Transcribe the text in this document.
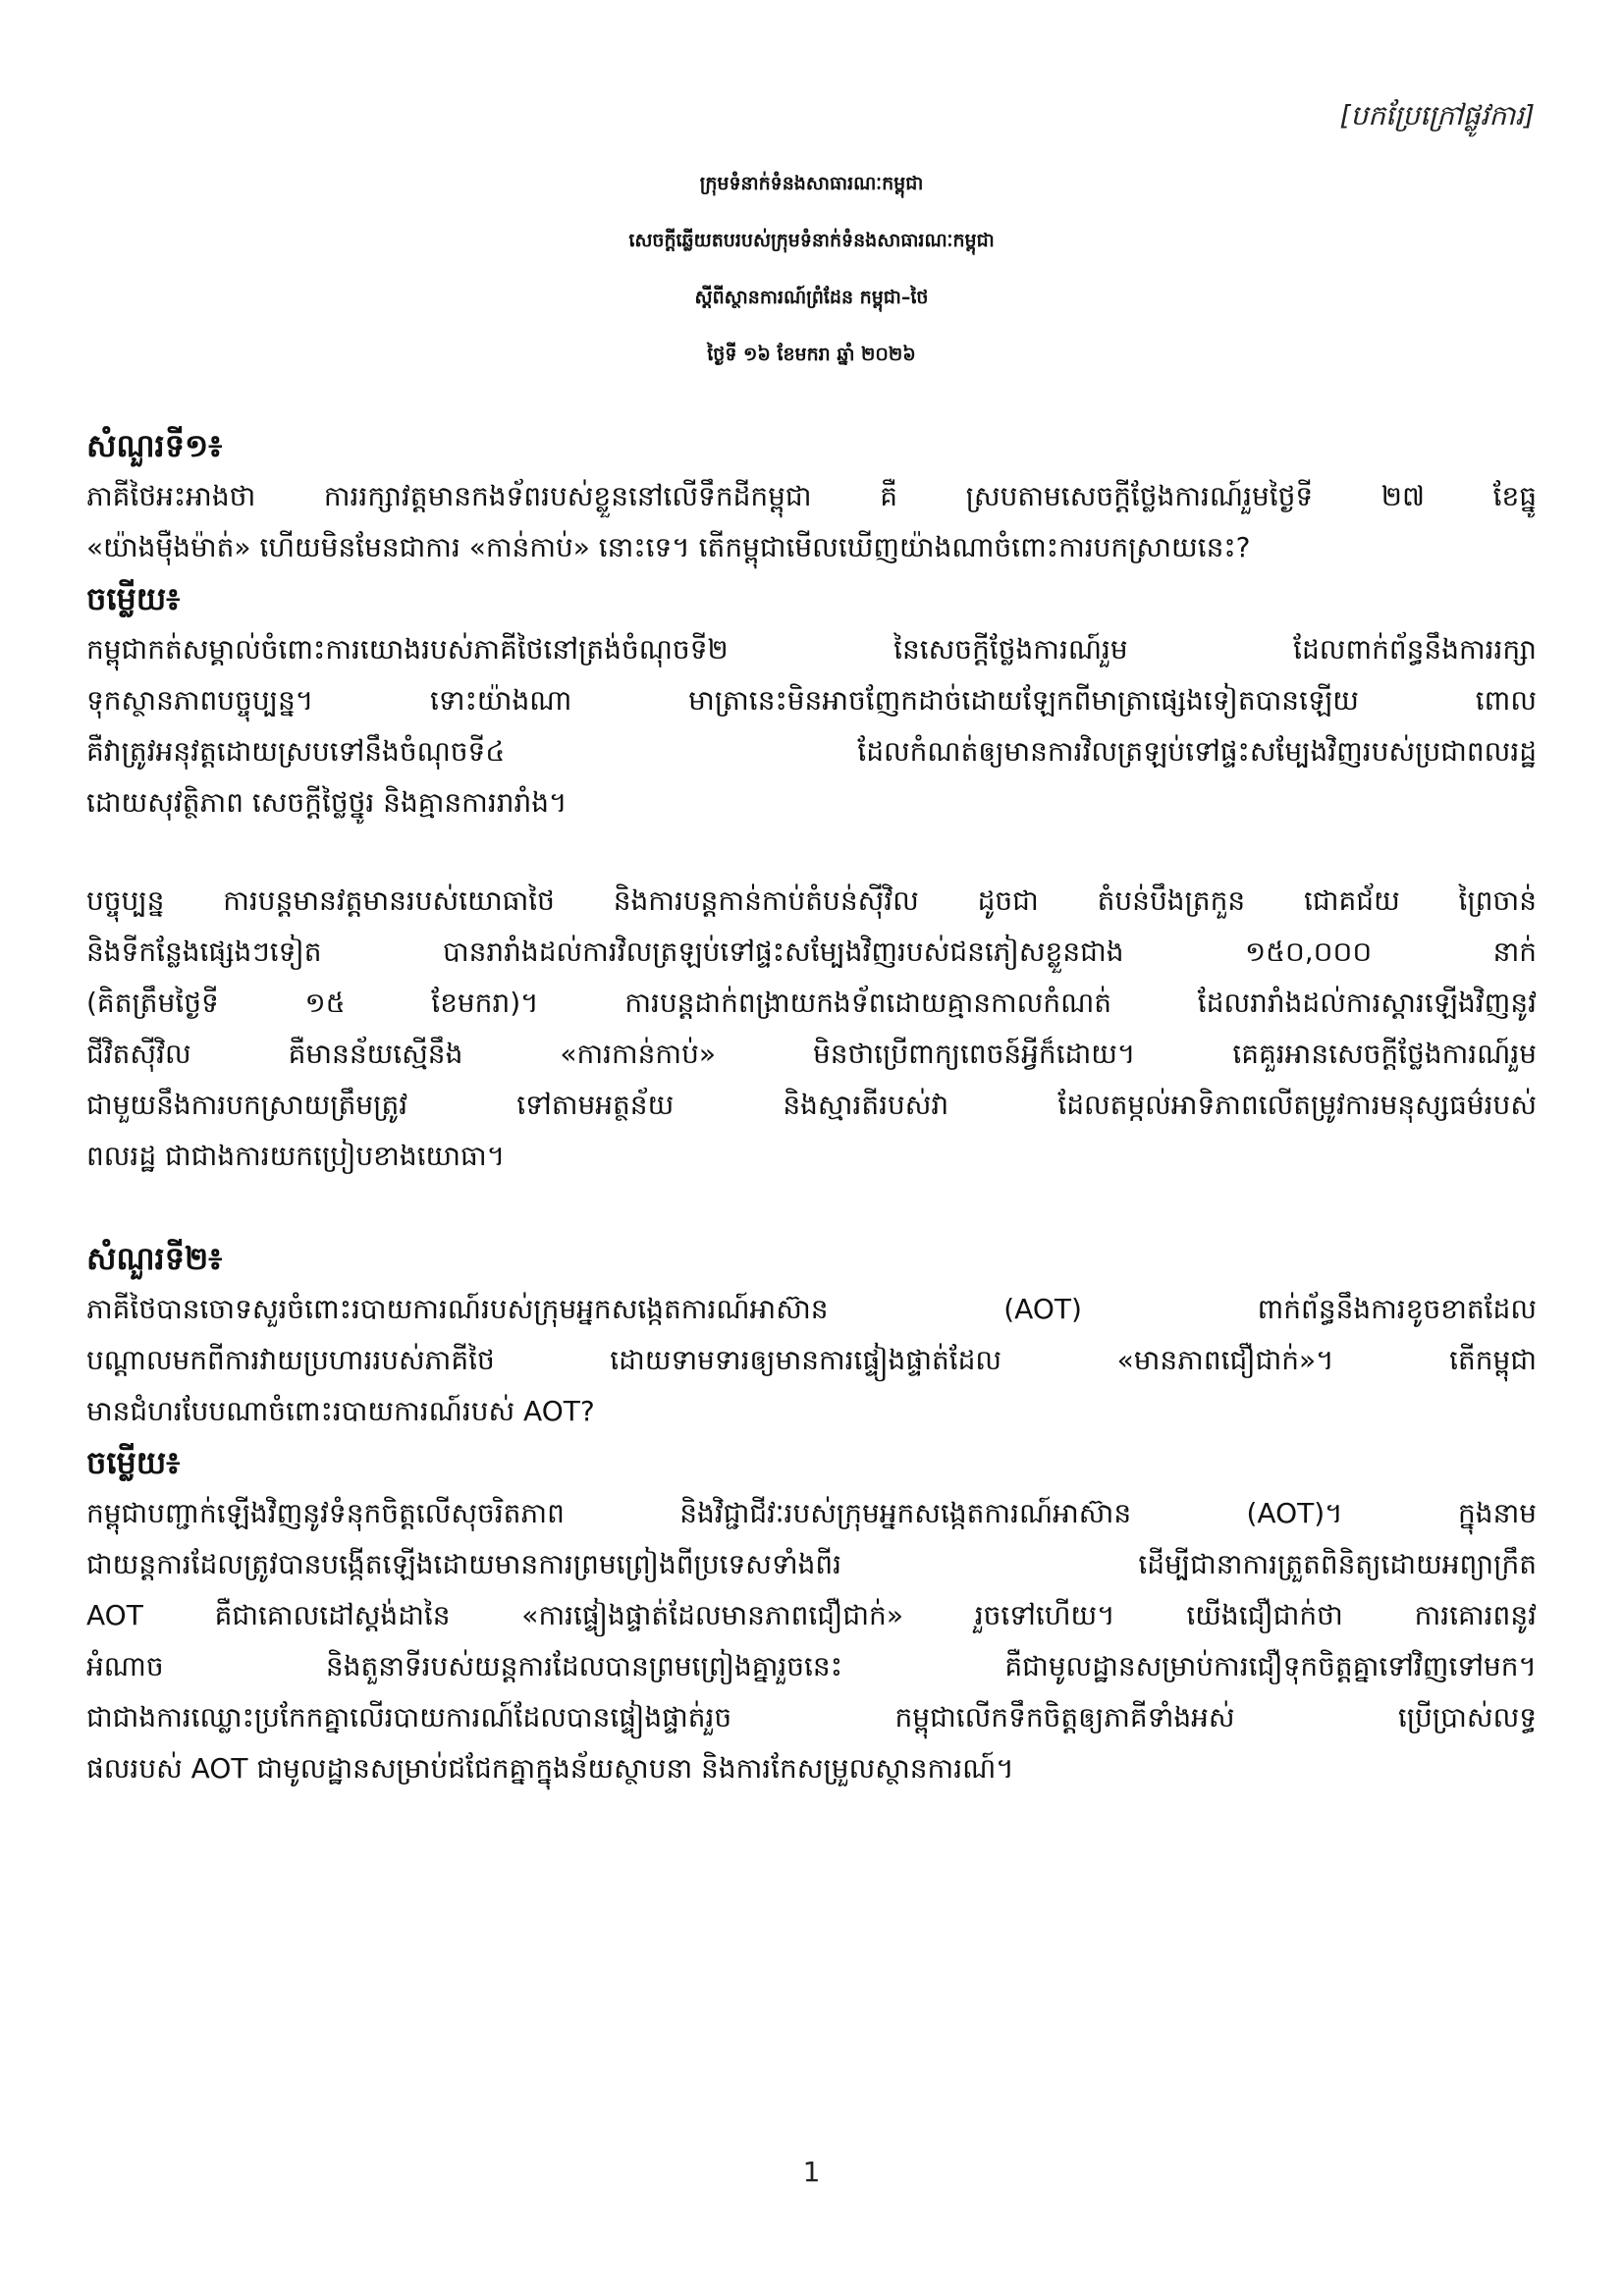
[បកប្រែក្រៅផ្លូវការ]
ក្រុមទំនាក់ទំនងសាធារណៈកម្ពុជា
សេចក្តីឆ្លើយតបរបស់ក្រុមទំនាក់ទំនងសាធារណៈកម្ពុជា
ស្តីពីស្ថានការណ៍ព្រំដែន កម្ពុជា–ថៃ
ថ្ងៃទី ១៦ ខែមករា ឆ្នាំ ២០២៦

សំណួរទី១៖

ភាគីថៃអះអាងថា ការរក្សាវត្តមានកងទ័ពរបស់ខ្លួននៅលើទឹកដីកម្ពុជា គឺ ស្របតាមសេចក្តីថ្លែងការណ៍រួមថ្ងៃទី ២៧ ខែធ្នូ
«យ៉ាងម៉ឺងម៉ាត់» ហើយមិនមែនជាការ «កាន់កាប់» នោះទេ។ តើកម្ពុជាមើលឃើញយ៉ាងណាចំពោះការបកស្រាយនេះ?

ចម្លើយ៖

កម្ពុជាកត់សម្គាល់ចំពោះការយោងរបស់ភាគីថៃនៅត្រង់ចំណុចទី២ នៃសេចក្តីថ្លែងការណ៍រួម ដែលពាក់ព័ន្ធនឹងការរក្សា
ទុកស្ថានភាពបច្ចុប្បន្ន។ ទោះយ៉ាងណា មាត្រានេះមិនអាចញែកដាច់ដោយឡែកពីមាត្រាផ្សេងទៀតបានឡើយ ពោល
គឺវាត្រូវអនុវត្តដោយស្របទៅនឹងចំណុចទី៤ ដែលកំណត់ឲ្យមានការវិលត្រឡប់ទៅផ្ទះសម្បែងវិញរបស់ប្រជាពលរដ្ឋ
ដោយសុវត្ថិភាព សេចក្តីថ្លៃថ្នូរ និងគ្មានការរារាំង។

បច្ចុប្បន្ន ការបន្តមានវត្តមានរបស់យោធាថៃ និងការបន្តកាន់កាប់តំបន់ស៊ីវិល ដូចជា តំបន់បឹងត្រកួន ជោគជ័យ ព្រៃចាន់
និងទីកន្លែងផ្សេងៗទៀត បានរារាំងដល់ការវិលត្រឡប់ទៅផ្ទះសម្បែងវិញរបស់ជនភៀសខ្លួនជាង ១៥០,០០០ នាក់
(គិតត្រឹមថ្ងៃទី ១៥ ខែមករា)។ ការបន្តដាក់ពង្រាយកងទ័ពដោយគ្មានកាលកំណត់ ដែលរារាំងដល់ការស្តារឡើងវិញនូវ
ជីវិតស៊ីវិល គឺមានន័យស្មើនឹង «ការកាន់កាប់» មិនថាប្រើពាក្យពេចន៍អ្វីក៏ដោយ។ គេគួរអានសេចក្តីថ្លែងការណ៍រួម
ជាមួយនឹងការបកស្រាយត្រឹមត្រូវ ទៅតាមអត្ថន័យ និងស្មារតីរបស់វា ដែលតម្កល់អាទិភាពលើតម្រូវការមនុស្សធម៌របស់
ពលរដ្ឋ ជាជាងការយកប្រៀបខាងយោធា។

សំណួរទី២៖

ភាគីថៃបានចោទសួរចំពោះរបាយការណ៍របស់ក្រុមអ្នកសង្កេតការណ៍អាស៊ាន (AOT) ពាក់ព័ន្ធនឹងការខូចខាតដែល
បណ្តាលមកពីការវាយប្រហាររបស់ភាគីថៃ ដោយទាមទារឲ្យមានការផ្ទៀងផ្ទាត់ដែល «មានភាពជឿជាក់»។ តើកម្ពុជា
មានជំហរបែបណាចំពោះរបាយការណ៍របស់ AOT?

ចម្លើយ៖

កម្ពុជាបញ្ជាក់ឡើងវិញនូវទំនុកចិត្តលើសុចរិតភាព និងវិជ្ជាជីវៈរបស់ក្រុមអ្នកសង្កេតការណ៍អាស៊ាន (AOT)។ ក្នុងនាម
ជាយន្តការដែលត្រូវបានបង្កើតឡើងដោយមានការព្រមព្រៀងពីប្រទេសទាំងពីរ ដើម្បីជានាការត្រួតពិនិត្យដោយអព្យាក្រឹត
AOT គឺជាគោលដៅស្តង់ដានៃ «ការផ្ទៀងផ្ទាត់ដែលមានភាពជឿជាក់» រួចទៅហើយ។ យើងជឿជាក់ថា ការគោរពនូវ
អំណាច និងតួនាទីរបស់យន្តការដែលបានព្រមព្រៀងគ្នារួចនេះ គឺជាមូលដ្ឋានសម្រាប់ការជឿទុកចិត្តគ្នាទៅវិញទៅមក។
ជាជាងការឈ្លោះប្រកែកគ្នាលើរបាយការណ៍ដែលបានផ្ទៀងផ្ទាត់រួច កម្ពុជាលើកទឹកចិត្តឲ្យភាគីទាំងអស់ ប្រើប្រាស់លទ្ធ
ផលរបស់ AOT ជាមូលដ្ឋានសម្រាប់ជជែកគ្នាក្នុងន័យស្ថាបនា និងការកែសម្រួលស្ថានការណ៍។

1
